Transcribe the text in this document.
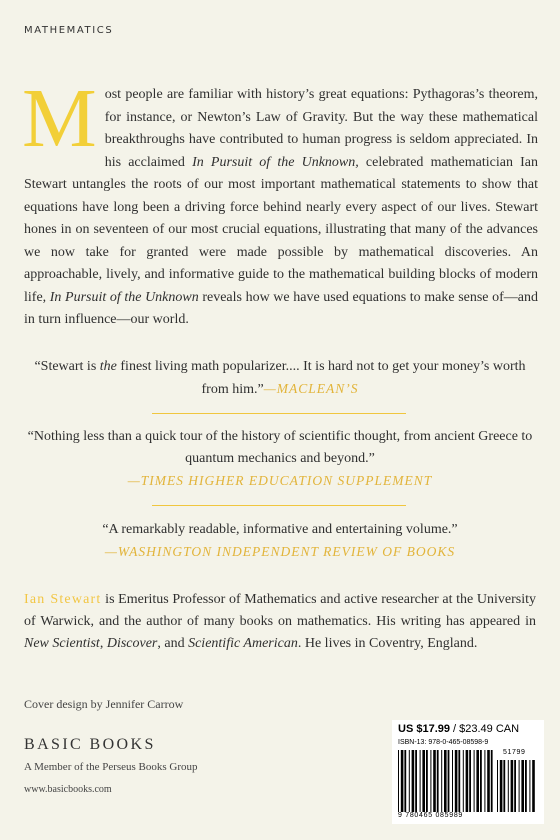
MATHEMATICS
Most people are familiar with history’s great equations: Pythagoras’s theorem, for instance, or Newton’s Law of Gravity. But the way these mathematical breakthroughs have contributed to human progress is seldom appreciated. In his acclaimed In Pursuit of the Unknown, celebrated mathematician Ian Stewart untangles the roots of our most important mathematical statements to show that equations have long been a driving force behind nearly every aspect of our lives. Stewart hones in on seventeen of our most crucial equations, illustrating that many of the advances we now take for granted were made possible by mathematical discoveries. An approachable, lively, and informative guide to the mathematical building blocks of modern life, In Pursuit of the Unknown reveals how we have used equations to make sense of—and in turn influence—our world.
“Stewart is the finest living math popularizer.... It is hard not to get your money’s worth from him.”—MACLEAN’S
“Nothing less than a quick tour of the history of scientific thought, from ancient Greece to quantum mechanics and beyond.”
—TIMES HIGHER EDUCATION SUPPLEMENT
“A remarkably readable, informative and entertaining volume.”
—WASHINGTON INDEPENDENT REVIEW OF BOOKS
Ian Stewart is Emeritus Professor of Mathematics and active researcher at the University of Warwick, and the author of many books on mathematics. His writing has appeared in New Scientist, Discover, and Scientific American. He lives in Coventry, England.
Cover design by Jennifer Carrow
BASIC BOOKS
A Member of the Perseus Books Group
www.basicbooks.com
US $17.99 / $23.49 CAN
ISBN-13: 978-0-465-08598-9
51799
9 780465 085989
